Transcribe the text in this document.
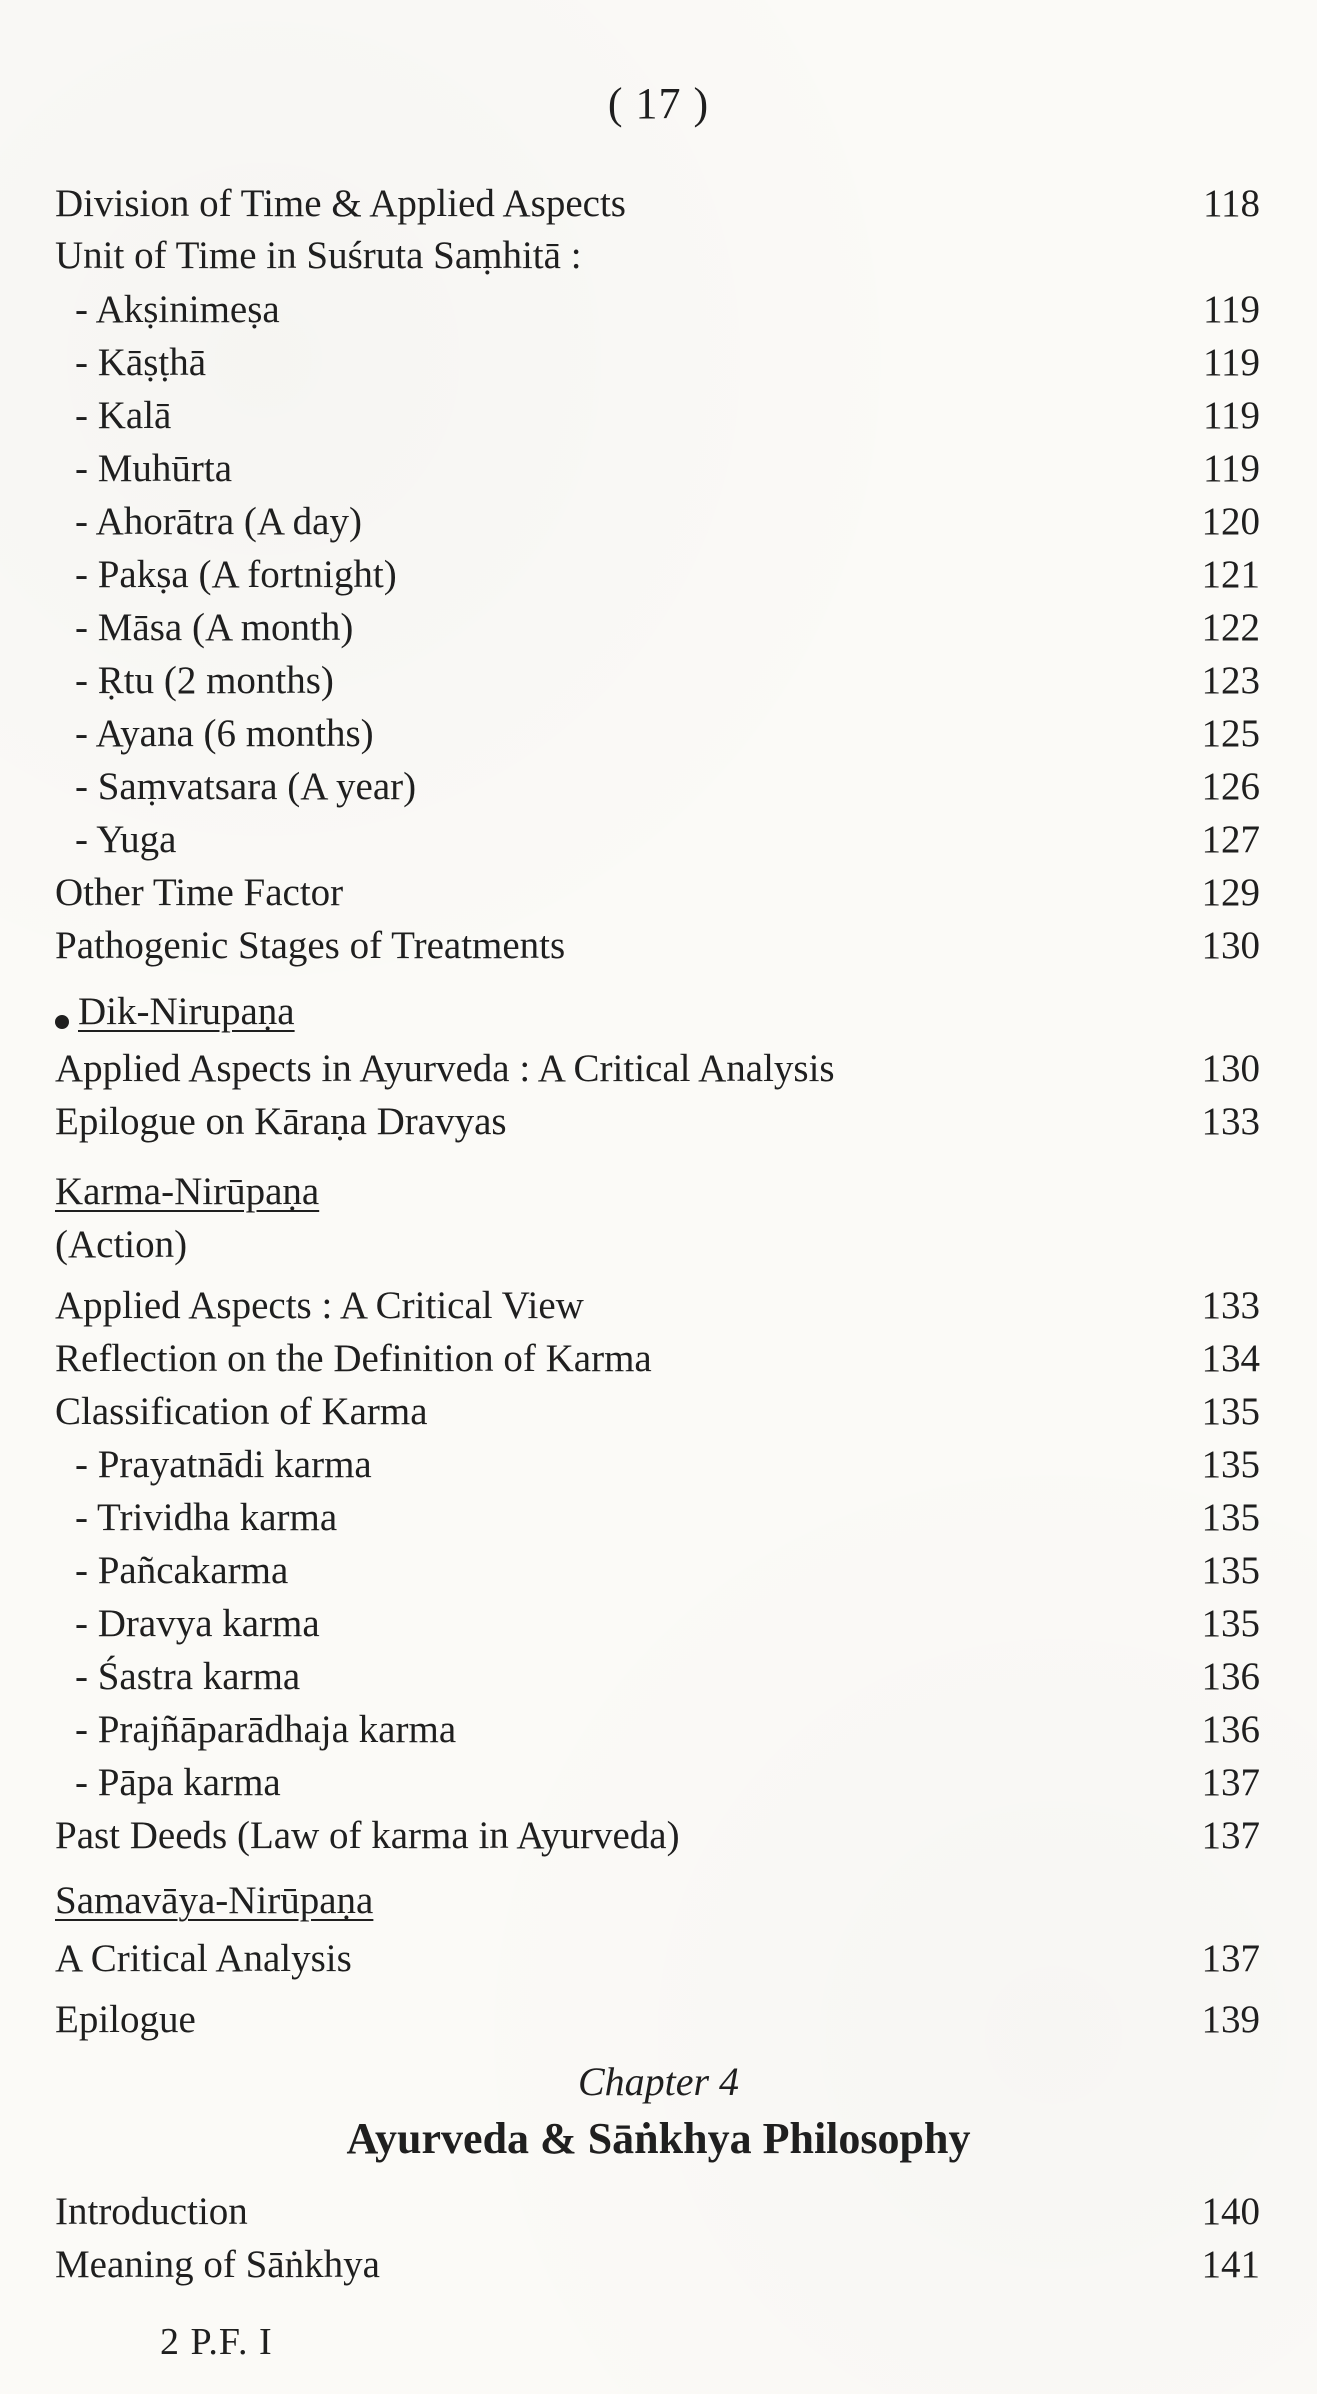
( 17 )
Division of Time & Applied Aspects	118
Unit of Time in Suśruta Saṃhitā :
- Akṣinimeṣa	119
- Kāṣṭhā	119
- Kalā	119
- Muhūrta	119
- Ahorātra (A day)	120
- Pakṣa (A fortnight)	121
- Māsa (A month)	122
- Ṛtu (2 months)	123
- Ayana (6 months)	125
- Saṃvatsara (A year)	126
- Yuga	127
Other Time Factor	129
Pathogenic Stages of Treatments	130
Dik-Nirupaṇa
Applied Aspects in Ayurveda : A Critical Analysis	130
Epilogue on Kāraṇa Dravyas	133
Karma-Nirūpaṇa
(Action)
Applied Aspects : A Critical View	133
Reflection on the Definition of Karma	134
Classification of Karma	135
- Prayatnādi karma	135
- Trividha karma	135
- Pañcakarma	135
- Dravya karma	135
- Śastra karma	136
- Prajñāparādhaja karma	136
- Pāpa karma	137
Past Deeds (Law of karma in Ayurveda)	137
Samavāya-Nirūpaṇa
A Critical Analysis	137
Epilogue	139
Chapter 4
Ayurveda & Sāṅkhya Philosophy
Introduction	140
Meaning of Sāṅkhya	141
2 P.F. I
